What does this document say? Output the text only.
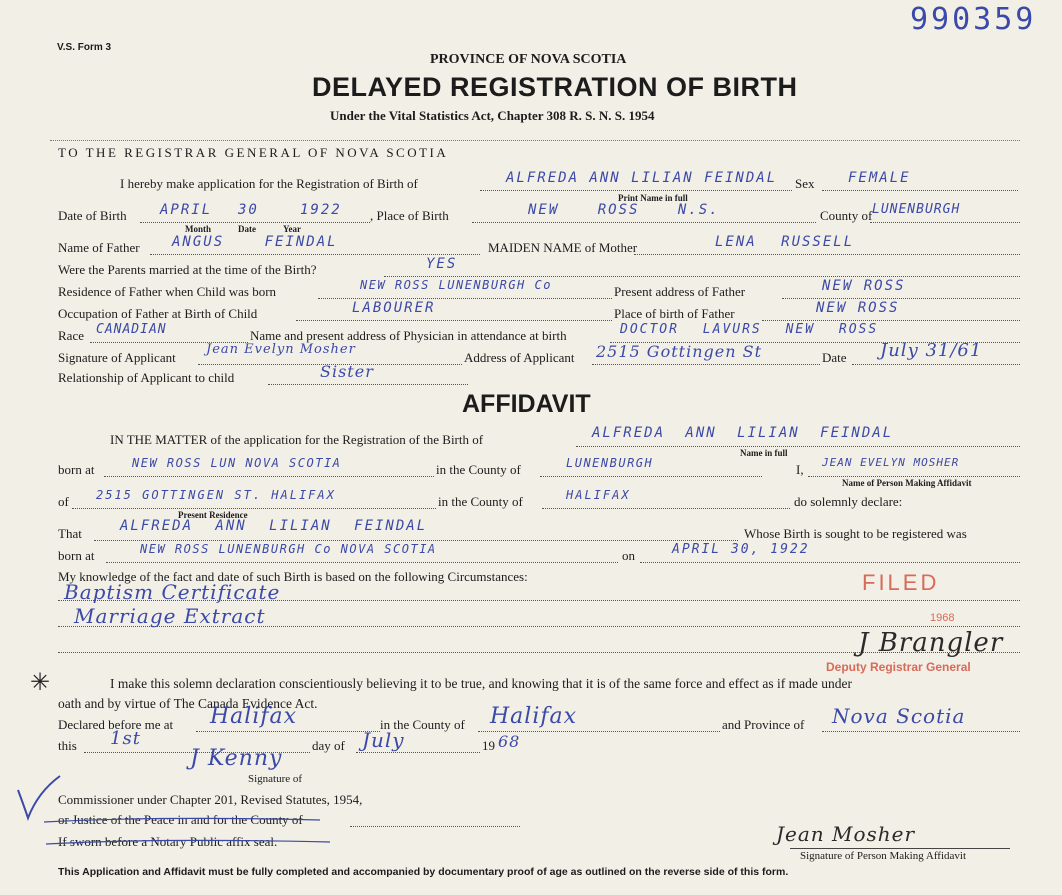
990359
V.S. Form 3
PROVINCE OF NOVA SCOTIA
DELAYED REGISTRATION OF BIRTH
Under the Vital Statistics Act, Chapter 308 R. S. N. S. 1954
TO THE REGISTRAR GENERAL OF NOVA SCOTIA
I hereby make application for the Registration of Birth of	ALFREDA ANN LILIAN FEINDAL
Print Name in full
Sex FEMALE
Date of Birth APRIL 30	1922
Month	Date	Year
, Place of Birth	NEW ROSS N.S.	County of LUNENBURGH
Name of Father ANGUS FEINDAL	MAIDEN NAME of Mother	LENA RUSSELL
Were the Parents married at the time of the Birth?	YES
Residence of Father when Child was born	NEW ROSS LUNENBURGH Co	Present address of Father	NEW ROSS
Occupation of Father at Birth of Child	LABOURER	Place of birth of Father	NEW ROSS
Race CANADIAN	Name and present address of Physician in attendance at birth	DOCTOR LAVURS NEW ROSS
Signature of Applicant
Jean Evelyn Mosher
Address of Applicant 2515 Gottingen St	Date July 31/61
Relationship of Applicant to child	Sister
AFFIDAVIT
IN THE MATTER of the application for the Registration of the Birth of	ALFREDA ANN LILIAN FEINDAL
Name in full
born at	NEW ROSS LUN NOVA SCOTIA	in the County of	LUNENBURGH	I, JEAN EVELYN MOSHER
Name of Person Making Affidavit
of 2515 GOTTINGEN ST. HALIFAX
Present Residence
in the County of	HALIFAX	do solemnly declare:
That	ALFREDA ANN LILIAN FEINDAL	Whose Birth is sought to be registered was
born at	NEW ROSS LUNENBURGH Co NOVA SCOTIA	on	APRIL 30, 1922
My knowledge of the fact and date of such Birth is based on the following Circumstances:
Baptism Certificate
Marriage Extract
FILED
1968
J Brangler
Deputy Registrar General
✳	I make this solemn declaration conscientiously believing it to be true, and knowing that it is of the same force and effect as if made under
oath and by virtue of The Canada Evidence Act.
Declared before me at Halifax	in the County of Halifax	and Province of Nova Scotia
this 1st	day of July	19 68
J Kenny
Signature of
Commissioner under Chapter 201, Revised Statutes, 1954,
or Justice of the Peace in and for the County of
If sworn before a Notary Public affix seal.	Jean Mosher
Signature of Person Making Affidavit
This Application and Affidavit must be fully completed and accompanied by documentary proof of age as outlined on the reverse side of this form.
